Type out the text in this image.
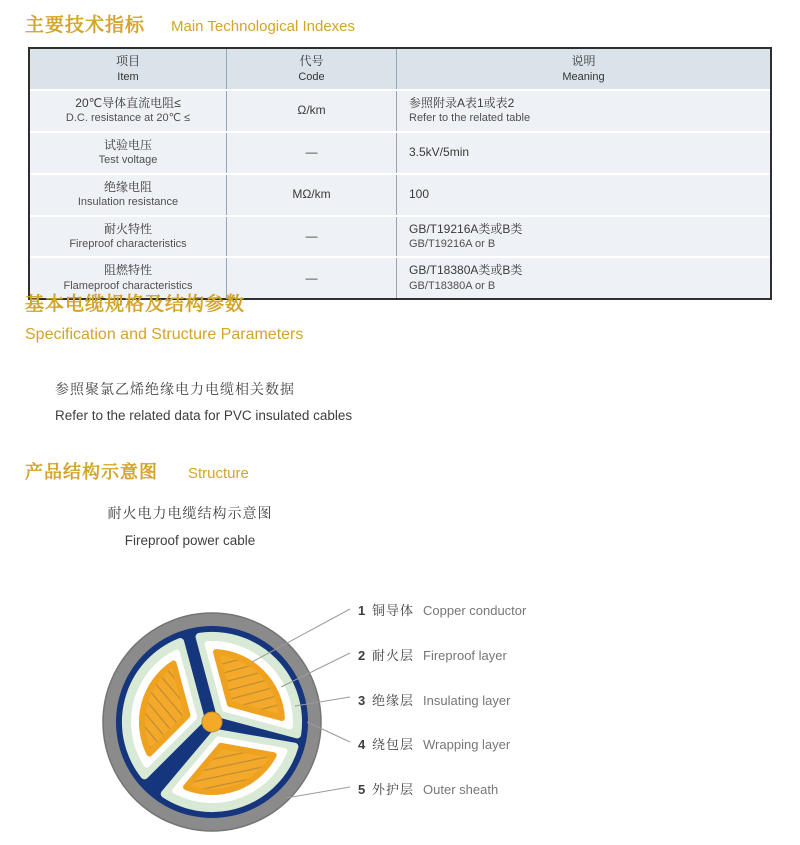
主要技术指标 Main Technological Indexes
项目
Item
代号
Code
说明
Meaning
20℃导体直流电阻≤
D.C. resistance at 20℃ ≤
Ω/km
参照附录A表1或表2
Refer to the related table
试验电压
Test voltage
—	3.5kV/5min
绝缘电阻
Insulation resistance
MΩ/km	100
耐火特性
Fireproof characteristics
—
GB/T19216A类或B类
GB/T19216A or B
阻燃特性
Flameproof characteristics
—
GB/T18380A类或B类
GB/T18380A or B
基本电缆规格及结构参数
Specification and Structure Parameters
参照聚氯乙烯绝缘电力电缆相关数据
Refer to the related data for PVC insulated cables
产品结构示意图 Structure
耐火电力电缆结构示意图
Fireproof power cable
1 铜导体 Copper conductor
2 耐火层 Fireproof layer
3 绝缘层 Insulating layer
4 绕包层 Wrapping layer
5 外护层 Outer sheath
